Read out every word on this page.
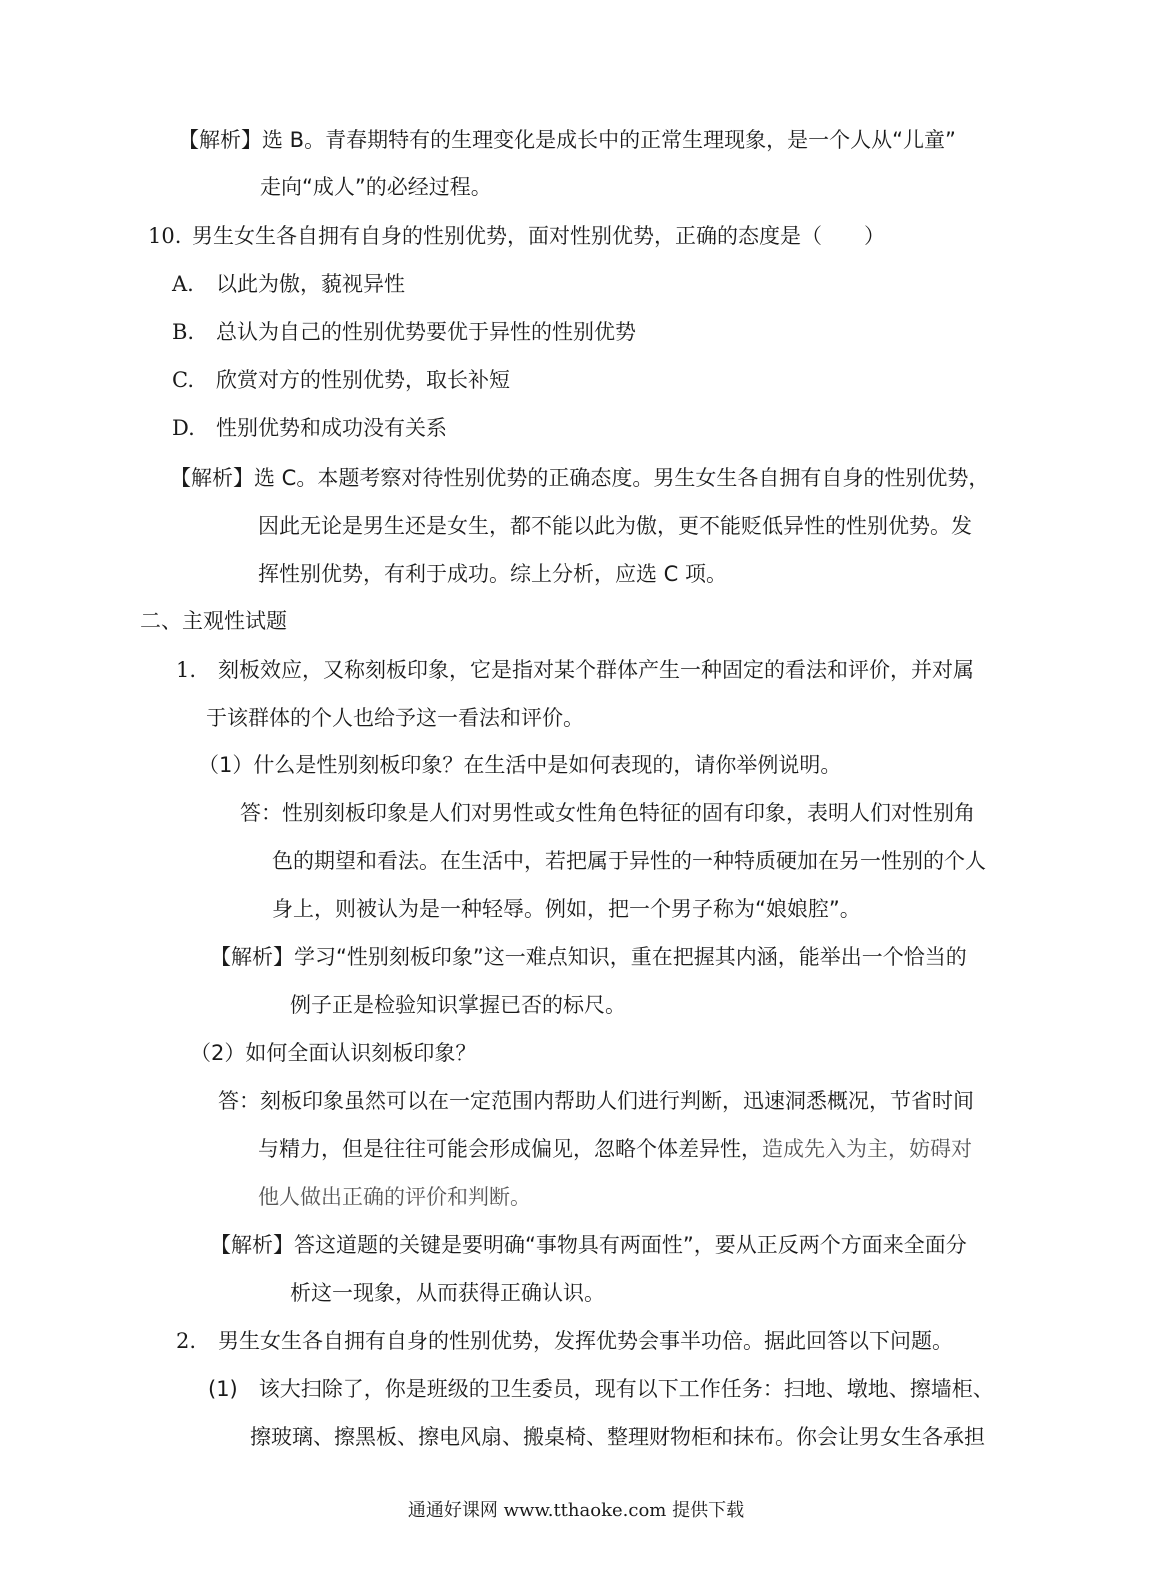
【解析】选 B。青春期特有的生理变化是成长中的正常生理现象，是一个人从“儿童”
走向“成人”的必经过程。
10. 男生女生各自拥有自身的性别优势，面对性别优势，正确的态度是（　　）
A. 以此为傲，藐视异性
B. 总认为自己的性别优势要优于异性的性别优势
C. 欣赏对方的性别优势，取长补短
D. 性别优势和成功没有关系
【解析】选 C。本题考察对待性别优势的正确态度。男生女生各自拥有自身的性别优势，
因此无论是男生还是女生，都不能以此为傲，更不能贬低异性的性别优势。发
挥性别优势，有利于成功。综上分析，应选 C 项。
二、主观性试题
1. 刻板效应，又称刻板印象，它是指对某个群体产生一种固定的看法和评价，并对属
于该群体的个人也给予这一看法和评价。
（1）什么是性别刻板印象？在生活中是如何表现的，请你举例说明。
答：性别刻板印象是人们对男性或女性角色特征的固有印象，表明人们对性别角
色的期望和看法。在生活中，若把属于异性的一种特质硬加在另一性别的个人
身上，则被认为是一种轻辱。例如，把一个男子称为“娘娘腔”。
【解析】学习“性别刻板印象”这一难点知识，重在把握其内涵，能举出一个恰当的
例子正是检验知识掌握已否的标尺。
（2）如何全面认识刻板印象？
答：刻板印象虽然可以在一定范围内帮助人们进行判断，迅速洞悉概况，节省时间
与精力，但是往往可能会形成偏见，忽略个体差异性，造成先入为主，妨碍对
他人做出正确的评价和判断。
【解析】答这道题的关键是要明确“事物具有两面性”，要从正反两个方面来全面分
析这一现象，从而获得正确认识。
2. 男生女生各自拥有自身的性别优势，发挥优势会事半功倍。据此回答以下问题。
(1)　该大扫除了，你是班级的卫生委员，现有以下工作任务：扫地、墩地、擦墙柜、
擦玻璃、擦黑板、擦电风扇、搬桌椅、整理财物柜和抹布。你会让男女生各承担
通通好课网 www.tthaoke.com 提供下载
